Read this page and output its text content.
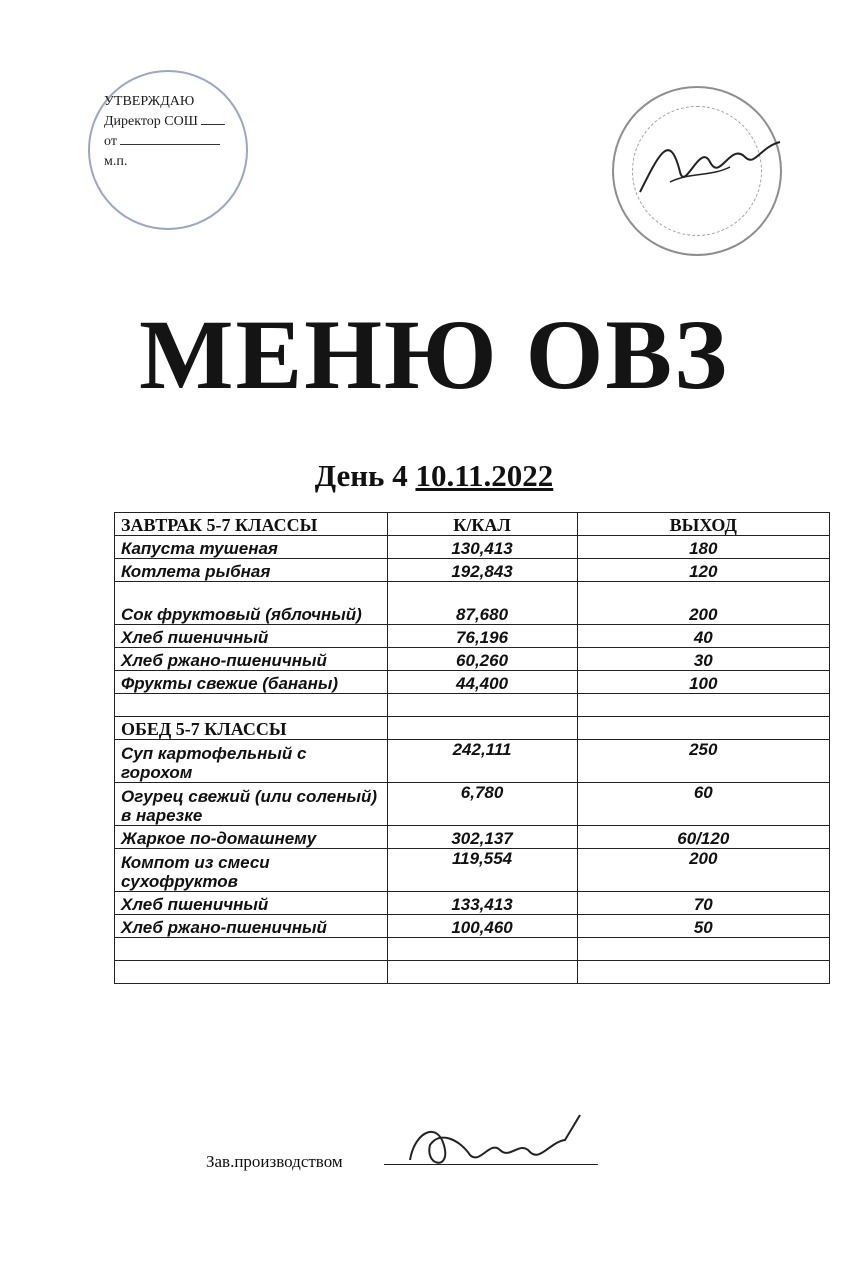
УТВЕРЖДАЮ
Директор СОШ
от
м.п.
МЕНЮ ОВЗ
День 4 10.11.2022
ЗАВТРАК 5-7 КЛАССЫ	К/КАЛ	ВЫХОД
Капуста тушеная	130,413	180
Котлета рыбная	192,843	120
Сок фруктовый (яблочный)	87,680	200
Хлеб пшеничный	76,196	40
Хлеб ржано-пшеничный	60,260	30
Фрукты свежие (бананы)	44,400	100

ОБЕД 5-7 КЛАССЫ		
Суп картофельный с горохом	242,111	250
Огурец свежий (или соленый) в нарезке	6,780	60
Жаркое по-домашнему	302,137	60/120
Компот из смеси сухофруктов	119,554	200
Хлеб пшеничный	133,413	70
Хлеб ржано-пшеничный	100,460	50

Зав.производством
